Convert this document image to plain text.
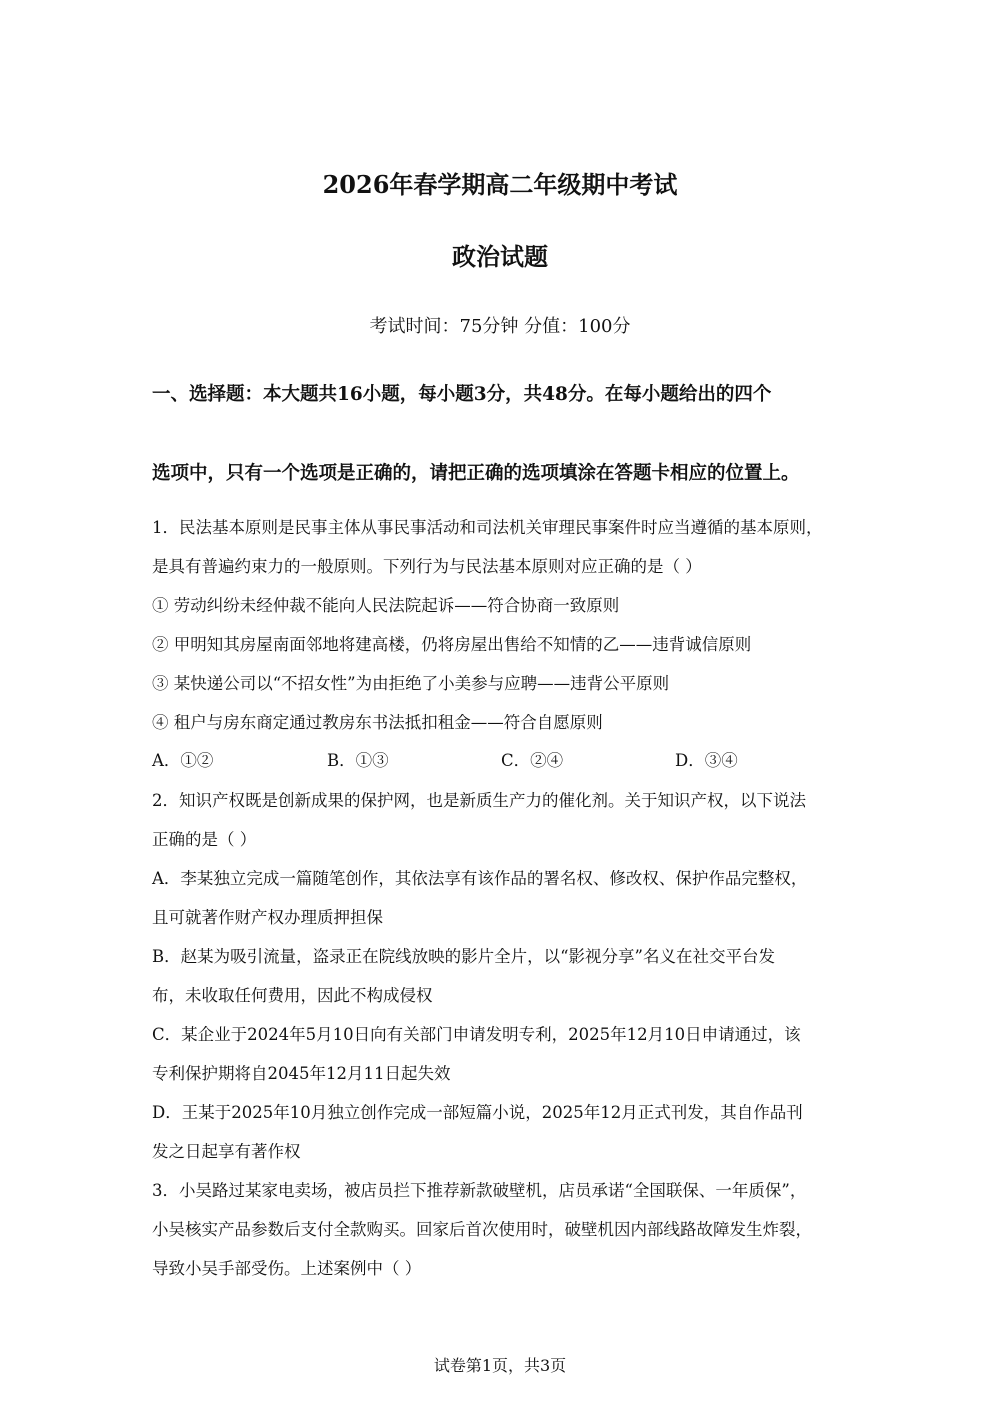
2026年春学期高二年级期中考试
政治试题
考试时间：75分钟 分值：100分
一、选择题：本大题共16小题，每小题3分，共48分。在每小题给出的四个
选项中，只有一个选项是正确的，请把正确的选项填涂在答题卡相应的位置上。
1．民法基本原则是民事主体从事民事活动和司法机关审理民事案件时应当遵循的基本原则，
是具有普遍约束力的一般原则。下列行为与民法基本原则对应正确的是（ ）
① 劳动纠纷未经仲裁不能向人民法院起诉——符合协商一致原则
② 甲明知其房屋南面邻地将建高楼，仍将房屋出售给不知情的乙——违背诚信原则
③ 某快递公司以“不招女性”为由拒绝了小美参与应聘——违背公平原则
④ 租户与房东商定通过教房东书法抵扣租金——符合自愿原则
A．①②	B．①③	C．②④	D．③④
2．知识产权既是创新成果的保护网，也是新质生产力的催化剂。关于知识产权，以下说法
正确的是（ ）
A．李某独立完成一篇随笔创作，其依法享有该作品的署名权、修改权、保护作品完整权，
且可就著作财产权办理质押担保
B．赵某为吸引流量，盗录正在院线放映的影片全片，以“影视分享”名义在社交平台发
布，未收取任何费用，因此不构成侵权
C．某企业于2024年5月10日向有关部门申请发明专利，2025年12月10日申请通过，该
专利保护期将自2045年12月11日起失效
D．王某于2025年10月独立创作完成一部短篇小说，2025年12月正式刊发，其自作品刊
发之日起享有著作权
3．小吴路过某家电卖场，被店员拦下推荐新款破壁机，店员承诺“全国联保、一年质保”，
小吴核实产品参数后支付全款购买。回家后首次使用时，破壁机因内部线路故障发生炸裂，
导致小吴手部受伤。上述案例中（ ）
试卷第1页，共3页
